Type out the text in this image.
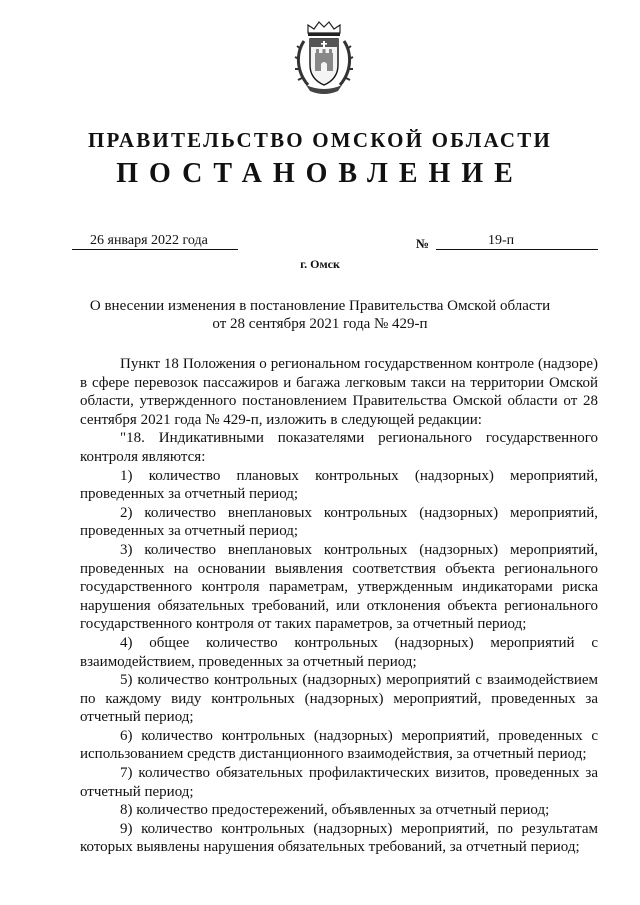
ПРАВИТЕЛЬСТВО ОМСКОЙ ОБЛАСТИ
ПОСТАНОВЛЕНИЕ
26 января 2022 года	№	19-п
г. Омск
О внесении изменения в постановление Правительства Омской области
от 28 сентября 2021 года № 429-п

Пункт 18 Положения о региональном государственном контроле (надзоре) в сфере перевозок пассажиров и багажа легковым такси на территории Омской области, утвержденного постановлением Правительства Омской области от 28 сентября 2021 года № 429-п, изложить в следующей редакции:

"18. Индикативными показателями регионального государственного контроля являются:

1) количество плановых контрольных (надзорных) мероприятий, проведенных за отчетный период;

2) количество внеплановых контрольных (надзорных) мероприятий, проведенных за отчетный период;

3) количество внеплановых контрольных (надзорных) мероприятий, проведенных на основании выявления соответствия объекта регионального государственного контроля параметрам, утвержденным индикаторами риска нарушения обязательных требований, или отклонения объекта регионального государственного контроля от таких параметров, за отчетный период;

4) общее количество контрольных (надзорных) мероприятий с взаимодействием, проведенных за отчетный период;

5) количество контрольных (надзорных) мероприятий с взаимодействием по каждому виду контрольных (надзорных) мероприятий, проведенных за отчетный период;

6) количество контрольных (надзорных) мероприятий, проведенных с использованием средств дистанционного взаимодействия, за отчетный период;

7) количество обязательных профилактических визитов, проведенных за отчетный период;

8) количество предостережений, объявленных за отчетный период;

9) количество контрольных (надзорных) мероприятий, по результатам которых выявлены нарушения обязательных требований, за отчетный период;
